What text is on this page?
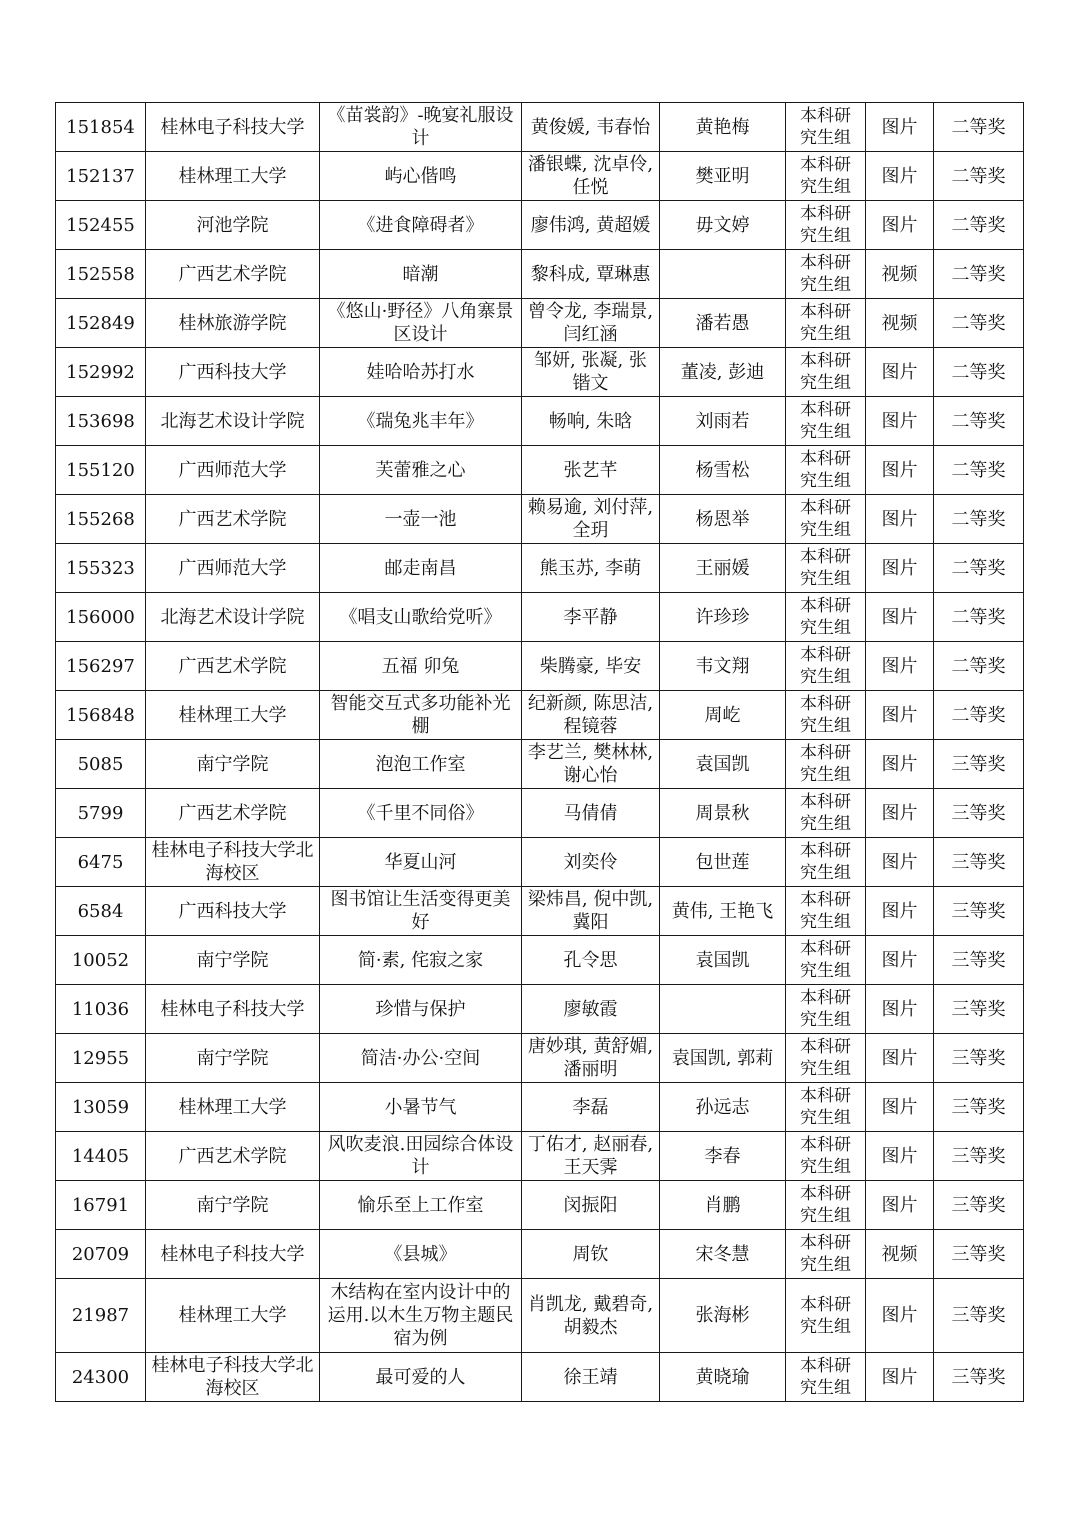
151854	桂林电子科技大学	《苗裳韵》-晚宴礼服设计	黄俊媛, 韦春怡	黄艳梅	本科研究生组	图片	二等奖
152137	桂林理工大学	屿心偕鸣	潘银蝶, 沈卓伶, 任悦	樊亚明	本科研究生组	图片	二等奖
152455	河池学院	《进食障碍者》	廖伟鸿, 黄超媛	毋文婷	本科研究生组	图片	二等奖
152558	广西艺术学院	暗潮	黎科成, 覃琳惠		本科研究生组	视频	二等奖
152849	桂林旅游学院	《悠山·野径》八角寨景区设计	曾令龙, 李瑞景, 闫红涵	潘若愚	本科研究生组	视频	二等奖
152992	广西科技大学	娃哈哈苏打水	邹妍, 张凝, 张锴文	董凌, 彭迪	本科研究生组	图片	二等奖
153698	北海艺术设计学院	《瑞兔兆丰年》	畅响, 朱晗	刘雨若	本科研究生组	图片	二等奖
155120	广西师范大学	芙蕾雅之心	张艺芊	杨雪松	本科研究生组	图片	二等奖
155268	广西艺术学院	一壶一池	赖易逾, 刘付萍, 全玥	杨恩举	本科研究生组	图片	二等奖
155323	广西师范大学	邮走南昌	熊玉苏, 李萌	王丽媛	本科研究生组	图片	二等奖
156000	北海艺术设计学院	《唱支山歌给党听》	李平静	许珍珍	本科研究生组	图片	二等奖
156297	广西艺术学院	五福 卯兔	柴腾豪, 毕安	韦文翔	本科研究生组	图片	二等奖
156848	桂林理工大学	智能交互式多功能补光棚	纪新颜, 陈思洁, 程镜蓉	周屹	本科研究生组	图片	二等奖
5085	南宁学院	泡泡工作室	李艺兰, 樊林林, 谢心怡	袁国凯	本科研究生组	图片	三等奖
5799	广西艺术学院	《千里不同俗》	马倩倩	周景秋	本科研究生组	图片	三等奖
6475	桂林电子科技大学北海校区	华夏山河	刘奕伶	包世莲	本科研究生组	图片	三等奖
6584	广西科技大学	图书馆让生活变得更美好	梁炜昌, 倪中凯, 冀阳	黄伟, 王艳飞	本科研究生组	图片	三等奖
10052	南宁学院	简·素, 侘寂之家	孔令思	袁国凯	本科研究生组	图片	三等奖
11036	桂林电子科技大学	珍惜与保护	廖敏霞		本科研究生组	图片	三等奖
12955	南宁学院	简洁·办公·空间	唐妙琪, 黄舒媚, 潘丽明	袁国凯, 郭莉	本科研究生组	图片	三等奖
13059	桂林理工大学	小暑节气	李磊	孙远志	本科研究生组	图片	三等奖
14405	广西艺术学院	风吹麦浪.田园综合体设计	丁佑才, 赵丽春, 王天霁	李春	本科研究生组	图片	三等奖
16791	南宁学院	愉乐至上工作室	闵振阳	肖鹏	本科研究生组	图片	三等奖
20709	桂林电子科技大学	《县城》	周钦	宋冬慧	本科研究生组	视频	三等奖
21987	桂林理工大学	木结构在室内设计中的运用.以木生万物主题民宿为例	肖凯龙, 戴碧奇, 胡毅杰	张海彬	本科研究生组	图片	三等奖
24300	桂林电子科技大学北海校区	最可爱的人	徐王靖	黄晓瑜	本科研究生组	图片	三等奖
